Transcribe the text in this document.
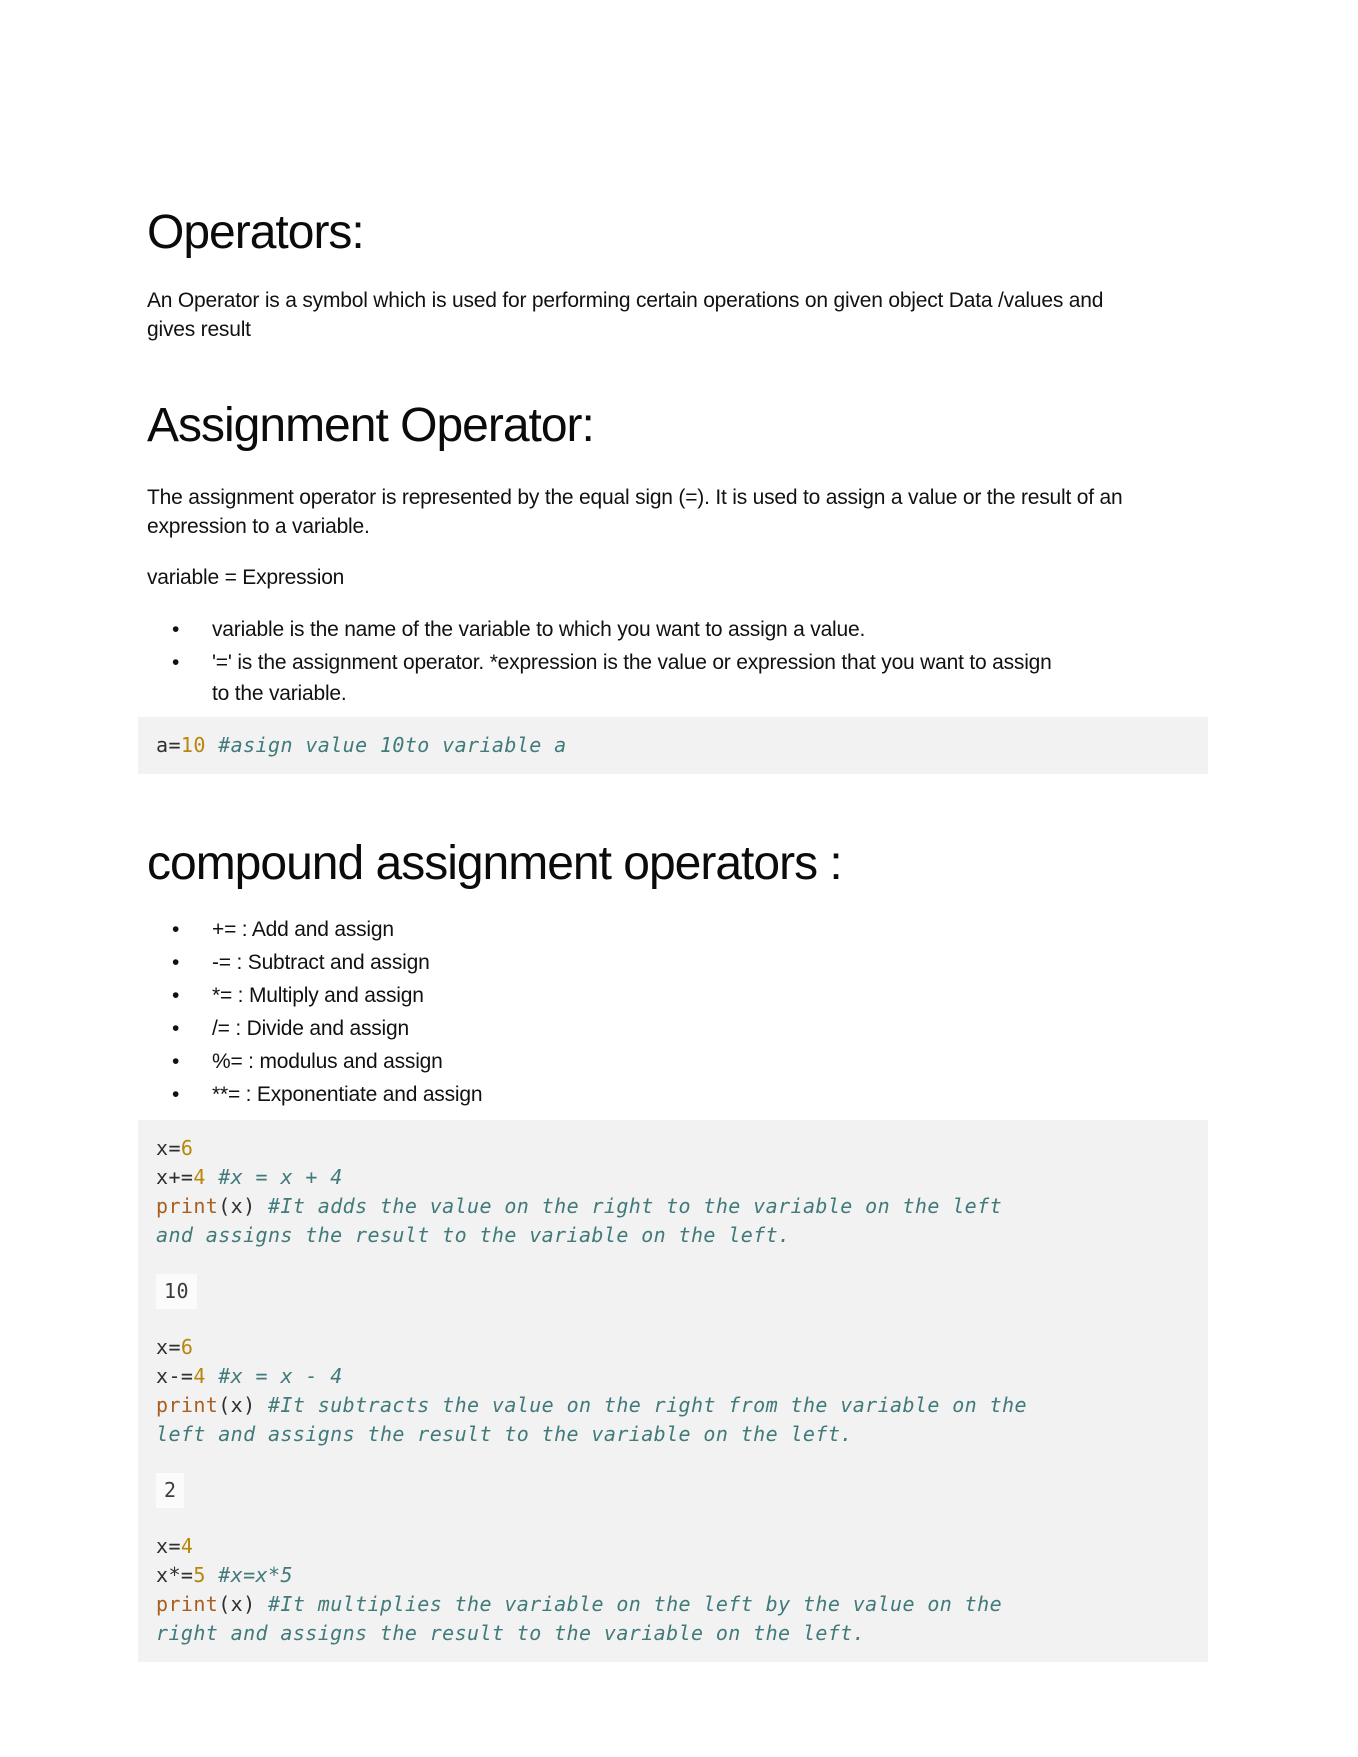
Operators:

An Operator is a symbol which is used for performing certain operations on given object Data /values and gives result

Assignment Operator:

The assignment operator is represented by the equal sign (=). It is used to assign a value or the result of an expression to a variable.

variable = Expression

• variable is the name of the variable to which you want to assign a value.
• '=' is the assignment operator. *expression is the value or expression that you want to assign to the variable.
a=10 #asign value 10to variable a
compound assignment operators :
• += : Add and assign
• -= : Subtract and assign
• *= : Multiply and assign
• /= : Divide and assign
• %= : modulus and assign
• **= : Exponentiate and assign
x=6
x+=4 #x = x + 4
print(x) #It adds the value on the right to the variable on the left
and assigns the result to the variable on the left.
10
x=6
x-=4 #x = x - 4
print(x) #It subtracts the value on the right from the variable on the
left and assigns the result to the variable on the left.
2
x=4
x*=5 #x=x*5
print(x) #It multiplies the variable on the left by the value on the
right and assigns the result to the variable on the left.
